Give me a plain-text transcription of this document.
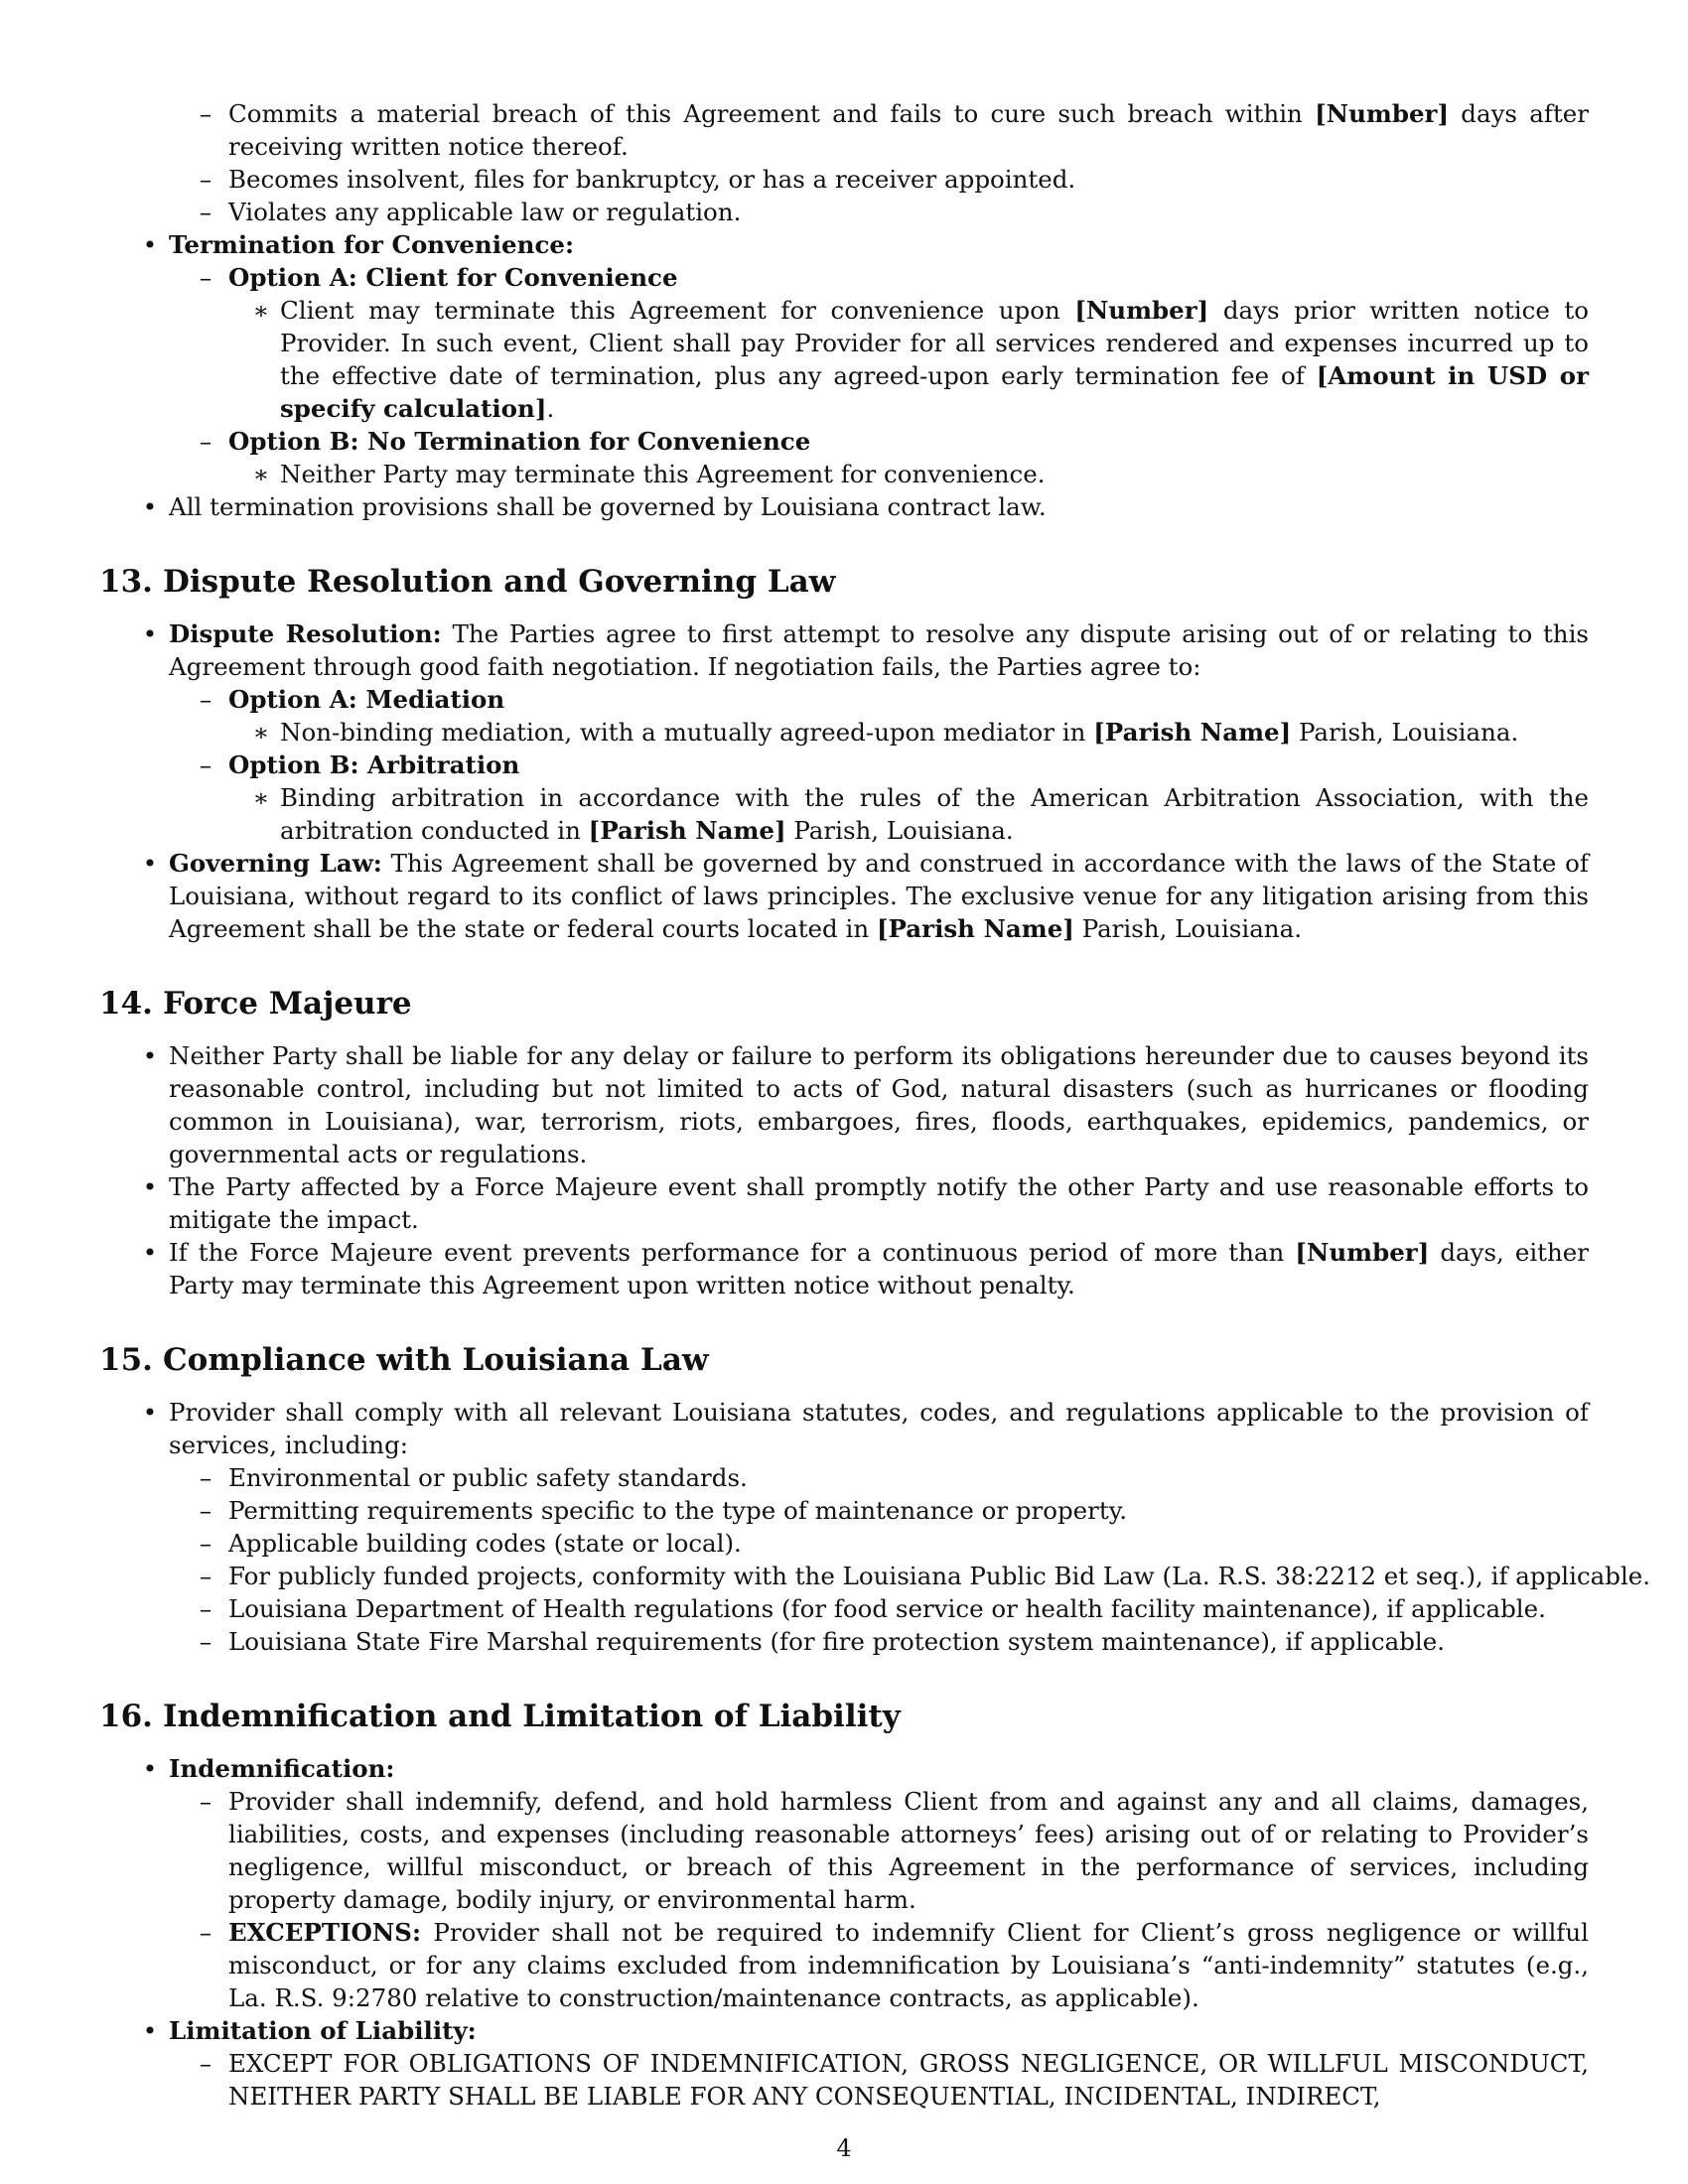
– Commits a material breach of this Agreement and fails to cure such breach within [Number] days after receiving written notice thereof.
– Becomes insolvent, files for bankruptcy, or has a receiver appointed.
– Violates any applicable law or regulation.
• Termination for Convenience:
– Option A: Client for Convenience
∗ Client may terminate this Agreement for convenience upon [Number] days prior written notice to Provider. In such event, Client shall pay Provider for all services rendered and expenses incurred up to the effective date of termination, plus any agreed-upon early termination fee of [Amount in USD or specify calculation].
– Option B: No Termination for Convenience
∗ Neither Party may terminate this Agreement for convenience.
• All termination provisions shall be governed by Louisiana contract law.
13. Dispute Resolution and Governing Law
• Dispute Resolution: The Parties agree to first attempt to resolve any dispute arising out of or relating to this Agreement through good faith negotiation. If negotiation fails, the Parties agree to:
– Option A: Mediation
∗ Non-binding mediation, with a mutually agreed-upon mediator in [Parish Name] Parish, Louisiana.
– Option B: Arbitration
∗ Binding arbitration in accordance with the rules of the American Arbitration Association, with the arbitration conducted in [Parish Name] Parish, Louisiana.
• Governing Law: This Agreement shall be governed by and construed in accordance with the laws of the State of Louisiana, without regard to its conflict of laws principles. The exclusive venue for any litigation arising from this Agreement shall be the state or federal courts located in [Parish Name] Parish, Louisiana.
14. Force Majeure
• Neither Party shall be liable for any delay or failure to perform its obligations hereunder due to causes beyond its reasonable control, including but not limited to acts of God, natural disasters (such as hurricanes or flooding common in Louisiana), war, terrorism, riots, embargoes, fires, floods, earthquakes, epidemics, pandemics, or governmental acts or regulations.
• The Party affected by a Force Majeure event shall promptly notify the other Party and use reasonable efforts to mitigate the impact.
• If the Force Majeure event prevents performance for a continuous period of more than [Number] days, either Party may terminate this Agreement upon written notice without penalty.
15. Compliance with Louisiana Law
• Provider shall comply with all relevant Louisiana statutes, codes, and regulations applicable to the provision of services, including:
– Environmental or public safety standards.
– Permitting requirements specific to the type of maintenance or property.
– Applicable building codes (state or local).
– For publicly funded projects, conformity with the Louisiana Public Bid Law (La. R.S. 38:2212 et seq.), if applicable.
– Louisiana Department of Health regulations (for food service or health facility maintenance), if applicable.
– Louisiana State Fire Marshal requirements (for fire protection system maintenance), if applicable.
16. Indemnification and Limitation of Liability
• Indemnification:
– Provider shall indemnify, defend, and hold harmless Client from and against any and all claims, damages, liabilities, costs, and expenses (including reasonable attorneys’ fees) arising out of or relating to Provider’s negligence, willful misconduct, or breach of this Agreement in the performance of services, including property damage, bodily injury, or environmental harm.
– EXCEPTIONS: Provider shall not be required to indemnify Client for Client’s gross negligence or willful misconduct, or for any claims excluded from indemnification by Louisiana’s “anti-indemnity” statutes (e.g., La. R.S. 9:2780 relative to construction/maintenance contracts, as applicable).
• Limitation of Liability:
– EXCEPT FOR OBLIGATIONS OF INDEMNIFICATION, GROSS NEGLIGENCE, OR WILLFUL MISCONDUCT, NEITHER PARTY SHALL BE LIABLE FOR ANY CONSEQUENTIAL, INCIDENTAL, INDIRECT,
4
